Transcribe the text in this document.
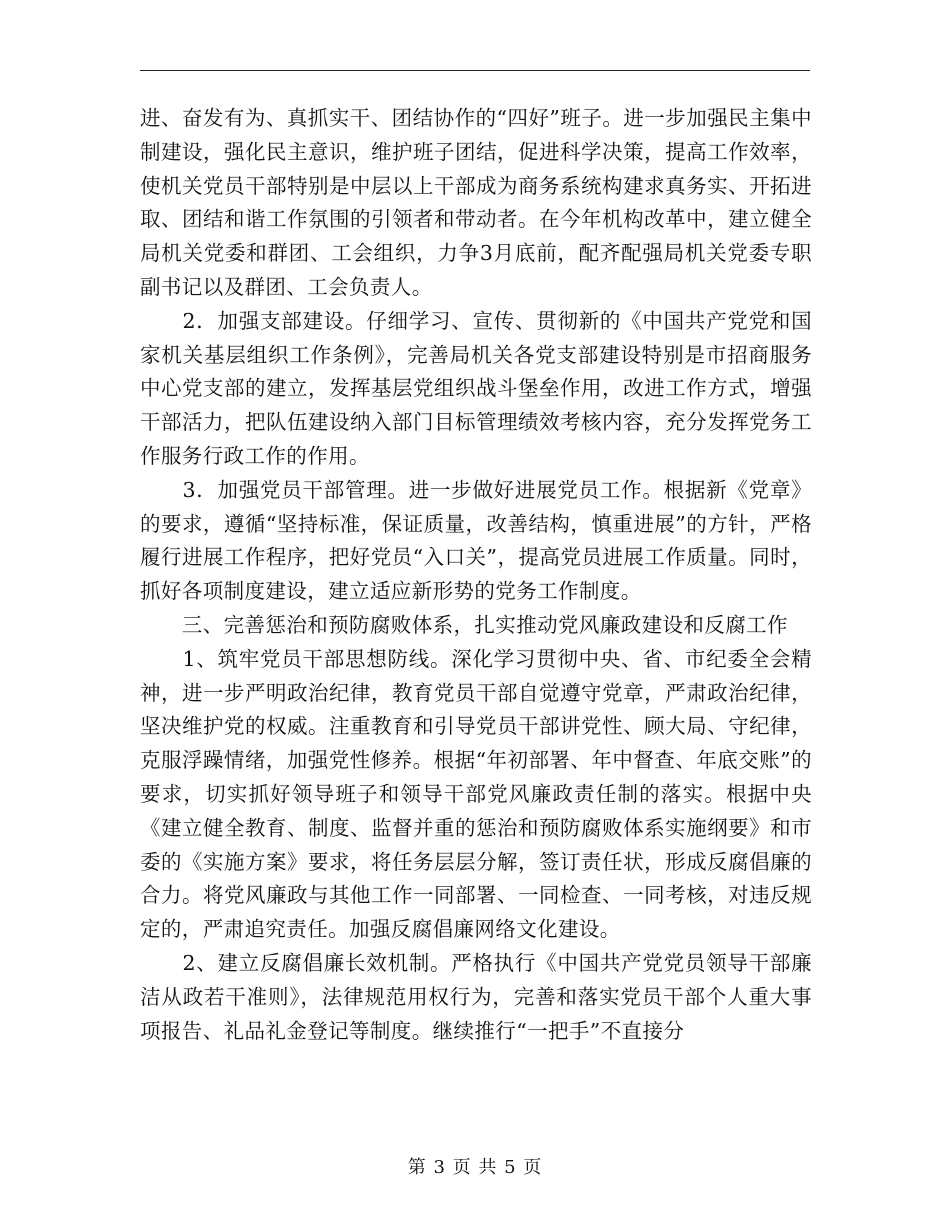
进、奋发有为、真抓实干、团结协作的“四好”班子。进一步加强民主集中制建设，强化民主意识，维护班子团结，促进科学决策，提高工作效率，使机关党员干部特别是中层以上干部成为商务系统构建求真务实、开拓进取、团结和谐工作氛围的引领者和带动者。在今年机构改革中，建立健全局机关党委和群团、工会组织，力争3月底前，配齐配强局机关党委专职副书记以及群团、工会负责人。

　　2．加强支部建设。仔细学习、宣传、贯彻新的《中国共产党党和国家机关基层组织工作条例》，完善局机关各党支部建设特别是市招商服务中心党支部的建立，发挥基层党组织战斗堡垒作用，改进工作方式，增强干部活力，把队伍建设纳入部门目标管理绩效考核内容，充分发挥党务工作服务行政工作的作用。

　　3．加强党员干部管理。进一步做好进展党员工作。根据新《党章》的要求，遵循“坚持标准，保证质量，改善结构，慎重进展”的方针，严格履行进展工作程序，把好党员“入口关”，提高党员进展工作质量。同时，抓好各项制度建设，建立适应新形势的党务工作制度。

　　三、完善惩治和预防腐败体系，扎实推动党风廉政建设和反腐工作

　　1、筑牢党员干部思想防线。深化学习贯彻中央、省、市纪委全会精神，进一步严明政治纪律，教育党员干部自觉遵守党章，严肃政治纪律，坚决维护党的权威。注重教育和引导党员干部讲党性、顾大局、守纪律，克服浮躁情绪，加强党性修养。根据“年初部署、年中督查、年底交账”的要求，切实抓好领导班子和领导干部党风廉政责任制的落实。根据中央《建立健全教育、制度、监督并重的惩治和预防腐败体系实施纲要》和市委的《实施方案》要求，将任务层层分解，签订责任状，形成反腐倡廉的合力。将党风廉政与其他工作一同部署、一同检查、一同考核，对违反规定的，严肃追究责任。加强反腐倡廉网络文化建设。

　　2、建立反腐倡廉长效机制。严格执行《中国共产党党员领导干部廉洁从政若干准则》，法律规范用权行为，完善和落实党员干部个人重大事项报告、礼品礼金登记等制度。继续推行“一把手”不直接分

第 3 页 共 5 页
